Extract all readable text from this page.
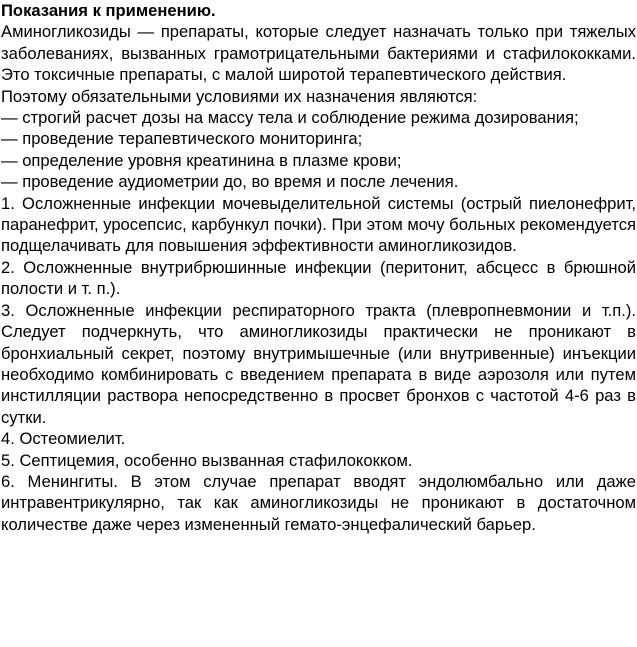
Показания к применению.

Аминогликозиды — препараты, которые следует назначать только при тяжелых заболеваниях, вызванных грамотрицательными бактериями и стафилококками. Это токсичные препараты, с малой широтой терапевтического действия.

Поэтому обязательными условиями их назначения являются:

— строгий расчет дозы на массу тела и соблюдение режима дозирования;

— проведение терапевтического мониторинга;

— определение уровня креатинина в плазме крови;

— проведение аудиометрии до, во время и после лечения.

1. Осложненные инфекции мочевыделительной системы (острый пиелонефрит, паранефрит, уросепсис, карбункул почки). При этом мочу больных рекомендуется подщелачивать для повышения эффективности аминогликозидов.

2. Осложненные внутрибрюшинные инфекции (перитонит, абсцесс в брюшной полости и т. п.).

3. Осложненные инфекции респираторного тракта (плевропневмонии и т.п.). Следует подчеркнуть, что аминогликозиды практически не проникают в бронхиальный секрет, поэтому внутримышечные (или внутривенные) инъекции необходимо комбинировать с введением препарата в виде аэрозоля или путем инстилляции раствора непосредственно в просвет бронхов с частотой 4-6 раз в сутки.

4. Остеомиелит.

5. Септицемия, особенно вызванная стафилококком.

6. Менингиты. В этом случае препарат вводят эндолюмбально или даже интравентрикулярно, так как аминогликозиды не проникают в достаточном количестве даже через измененный гемато-энцефалический барьер.
